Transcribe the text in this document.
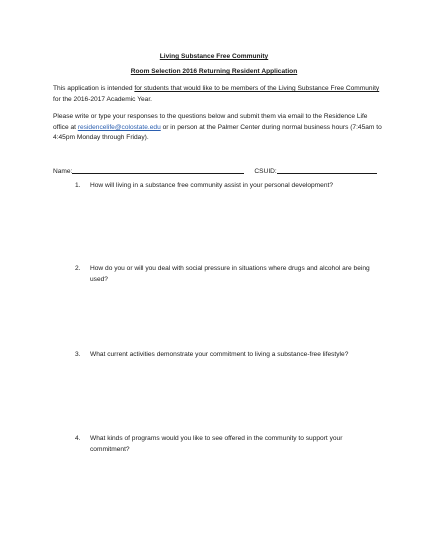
Living Substance Free Community
Room Selection 2016 Returning Resident Application
This application is intended for students that would like to be members of the Living Substance Free Community for the 2016-2017 Academic Year.
Please write or type your responses to the questions below and submit them via email to the Residence Life office at residencelife@colostate.edu or in person at the Palmer Center during normal business hours (7:45am to 4:45pm Monday through Friday).
Name:	CSUID:
1.	How will living in a substance free community assist in your personal development?
2.	How do you or will you deal with social pressure in situations where drugs and alcohol are being used?
3.	What current activities demonstrate your commitment to living a substance-free lifestyle?
4.	What kinds of programs would you like to see offered in the community to support your commitment?
